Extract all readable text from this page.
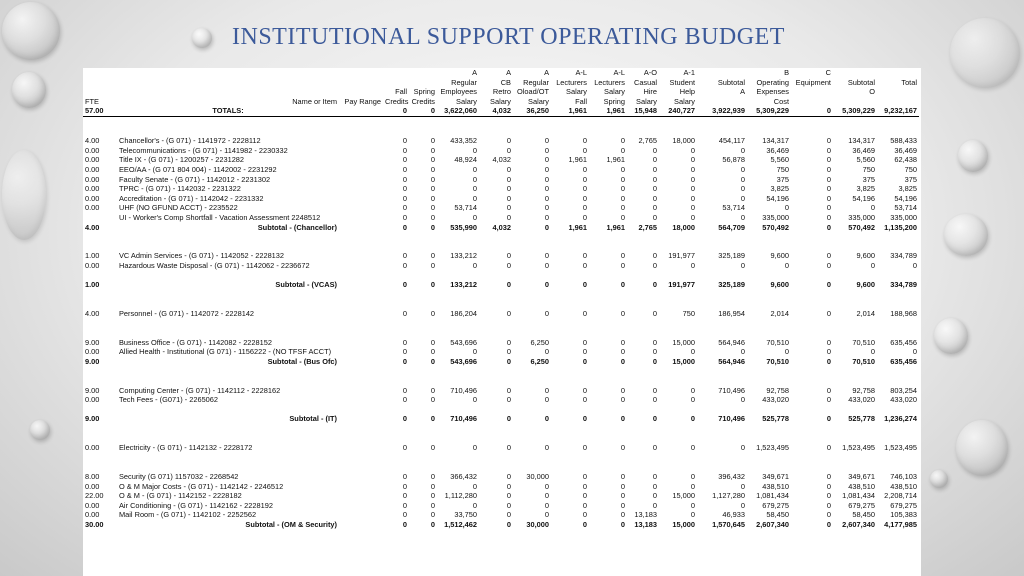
INSTITUTIONAL SUPPORT OPERATING BUDGET
					A	A	A	A-L	A-L	A-O	A-1		B	C		
					Regular	CB	Regular	Lecturers	Lecturers	Casual	Student	Subtotal	Operating	Equipment	Subtotal	Total
			Fall	Spring	Employees	Retro	Oload/OT	Salary	Salary	Hire	Help	A	Expenses		O	
FTE	Name or Item	Pay Range	Credits	Credits	Salary	Salary	Salary	Fall	Spring	Salary	Salary		Cost			
57.00	TOTALS:		0	0	3,622,060	4,032	36,250	1,961	1,961	15,948	240,727	3,922,939	5,309,229	0	5,309,229	9,232,167

4.00	Chancellor's - (G 071) - 1141972 - 2228112		0	0	433,352	0	0	0	0	2,765	18,000	454,117	134,317	0	134,317	588,433
0.00	Telecommunications - (G 071) - 1141982 - 2230332		0	0	0	0	0	0	0	0	0	0	36,469	0	36,469	36,469
0.00	Title IX - (G 071) - 1200257 - 2231282		0	0	48,924	4,032	0	1,961	1,961	0	0	56,878	5,560	0	5,560	62,438
0.00	EEO/AA - (G 071 804 004) - 1142002 - 2231292		0	0	0	0	0	0	0	0	0	0	750	0	750	750
0.00	Faculty Senate - (G 071) - 1142012 - 2231302		0	0	0	0	0	0	0	0	0	0	375	0	375	375
0.00	TPRC - (G 071) - 1142032 - 2231322		0	0	0	0	0	0	0	0	0	0	3,825	0	3,825	3,825
0.00	Accreditation - (G 071) - 1142042 - 2231332		0	0	0	0	0	0	0	0	0	0	54,196	0	54,196	54,196
0.00	UHF (NO GFUND ACCT) - 2235522		0	0	53,714	0	0	0	0	0	0	53,714	0	0	0	53,714
	UI - Worker's Comp Shortfall - Vacation Assessment 2248512		0	0	0	0	0	0	0	0	0	0	335,000	0	335,000	335,000
4.00	Subtotal - (Chancellor)		0	0	535,990	4,032	0	1,961	1,961	2,765	18,000	564,709	570,492	0	570,492	1,135,200

1.00	VC Admin Services - (G 071) - 1142052 - 2228132		0	0	133,212	0	0	0	0	0	191,977	325,189	9,600	0	9,600	334,789
0.00	Hazardous Waste Disposal - (G 071) - 1142062 - 2236672		0	0	0	0	0	0	0	0	0	0	0	0	0	0

1.00	Subtotal - (VCAS)		0	0	133,212	0	0	0	0	0	191,977	325,189	9,600	0	9,600	334,789

4.00	Personnel - (G 071) - 1142072 - 2228142		0	0	186,204	0	0	0	0	0	750	186,954	2,014	0	2,014	188,968

9.00	Business Office - (G 071) - 1142082 - 2228152		0	0	543,696	0	6,250	0	0	0	15,000	564,946	70,510	0	70,510	635,456
0.00	Allied Health - Institutional (G 071) - 1156222 - (NO TFSF ACCT)		0	0	0	0	0	0	0	0	0	0	0	0	0	0
9.00	Subtotal - (Bus Ofc)		0	0	543,696	0	6,250	0	0	0	15,000	564,946	70,510	0	70,510	635,456

9.00	Computing Center - (G 071) - 1142112 - 2228162		0	0	710,496	0	0	0	0	0	0	710,496	92,758	0	92,758	803,254
0.00	Tech Fees - (G071) - 2265062		0	0	0	0	0	0	0	0	0	0	433,020	0	433,020	433,020

9.00	Subtotal - (IT)		0	0	710,496	0	0	0	0	0	0	710,496	525,778	0	525,778	1,236,274

0.00	Electricity - (G 071) - 1142132 - 2228172		0	0	0	0	0	0	0	0	0	0	1,523,495	0	1,523,495	1,523,495

8.00	Security (G 071) 1157032 - 2268542		0	0	366,432	0	30,000	0	0	0	0	396,432	349,671	0	349,671	746,103
0.00	O & M Major Costs - (G 071) - 1142142 - 2246512		0	0	0	0	0	0	0	0	0	0	438,510	0	438,510	438,510
22.00	O & M - (G 071) - 1142152 - 2228182		0	0	1,112,280	0	0	0	0	0	15,000	1,127,280	1,081,434	0	1,081,434	2,208,714
0.00	Air Conditioning - (G 071) - 1142162 - 2228192		0	0	0	0	0	0	0	0	0	0	679,275	0	679,275	679,275
0.00	Mail Room - (G 071) - 1142102 - 2252562		0	0	33,750	0	0	0	0	13,183	0	46,933	58,450	0	58,450	105,383
30.00	Subtotal - (OM & Security)		0	0	1,512,462	0	30,000	0	0	13,183	15,000	1,570,645	2,607,340	0	2,607,340	4,177,985
